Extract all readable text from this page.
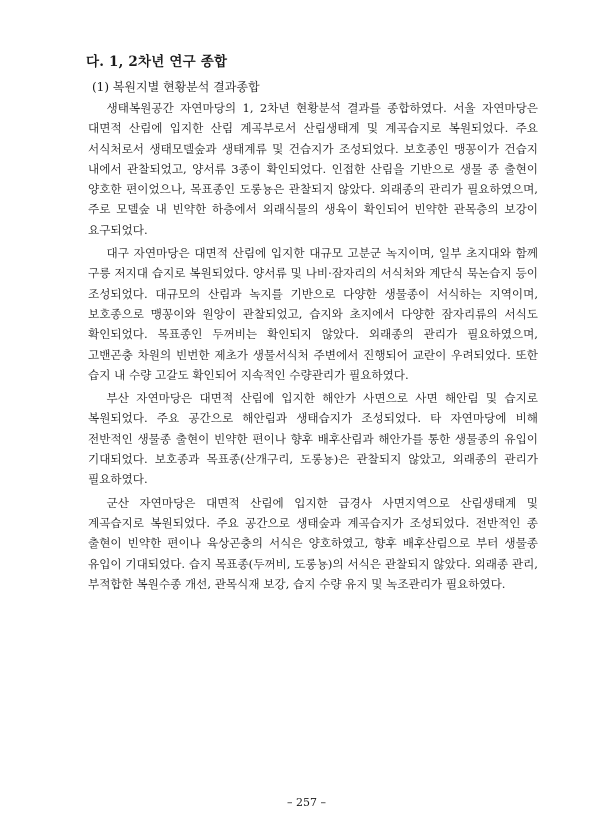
다. 1, 2차년 연구 종합
(1) 복원지별 현황분석 결과종합

생태복원공간 자연마당의 1, 2차년 현황분석 결과를 종합하였다. 서울 자연마당은 대면적 산림에 입지한 산림 계곡부로서 산림생태계 및 계곡습지로 복원되었다. 주요 서식처로서 생태모델숲과 생태계류 및 건습지가 조성되었다. 보호종인 맹꽁이가 건습지 내에서 관찰되었고, 양서류 3종이 확인되었다. 인접한 산림을 기반으로 생물 종 출현이 양호한 편이었으나, 목표종인 도롱뇽은 관찰되지 않았다. 외래종의 관리가 필요하였으며, 주로 모델숲 내 빈약한 하층에서 외래식물의 생육이 확인되어 빈약한 관목층의 보강이 요구되었다.

대구 자연마당은 대면적 산림에 입지한 대규모 고분군 녹지이며, 일부 초지대와 함께 구릉 저지대 습지로 복원되었다. 양서류 및 나비·잠자리의 서식처와 계단식 묵논습지 등이 조성되었다. 대규모의 산림과 녹지를 기반으로 다양한 생물종이 서식하는 지역이며, 보호종으로 맹꽁이와 원앙이 관찰되었고, 습지와 초지에서 다양한 잠자리류의 서식도 확인되었다. 목표종인 두꺼비는 확인되지 않았다. 외래종의 관리가 필요하였으며, 고밴곤충 차원의 빈번한 제초가 생물서식처 주변에서 진행되어 교란이 우려되었다. 또한 습지 내 수량 고갈도 확인되어 지속적인 수량관리가 필요하였다.

부산 자연마당은 대면적 산림에 입지한 해안가 사면으로 사면 해안림 및 습지로 복원되었다. 주요 공간으로 해안림과 생태습지가 조성되었다. 타 자연마당에 비해 전반적인 생물종 출현이 빈약한 편이나 향후 배후산림과 해안가를 통한 생물종의 유입이 기대되었다. 보호종과 목표종(산개구리, 도롱뇽)은 관찰되지 않았고, 외래종의 관리가 필요하였다.

군산 자연마당은 대면적 산림에 입지한 급경사 사면지역으로 산림생태계 및 계곡습지로 복원되었다. 주요 공간으로 생태숲과 계곡습지가 조성되었다. 전반적인 종 출현이 빈약한 편이나 육상곤충의 서식은 양호하였고, 향후 배후산림으로 부터 생물종 유입이 기대되었다. 습지 목표종(두꺼비, 도롱뇽)의 서식은 관찰되지 않았다. 외래종 관리, 부적합한 복원수종 개선, 관목식재 보강, 습지 수량 유지 및 녹조관리가 필요하였다.

– 257 –
